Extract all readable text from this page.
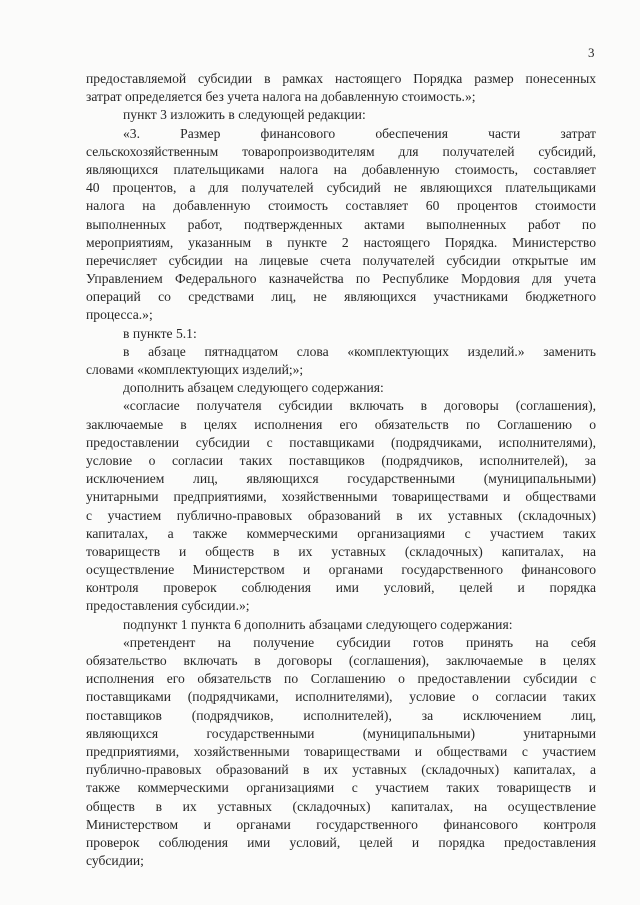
3
предоставляемой субсидии в рамках настоящего Порядка размер понесенных
затрат определяется без учета налога на добавленную стоимость.»;
пункт 3 изложить в следующей редакции:
«3. Размер финансового обеспечения части затрат
сельскохозяйственным товаропроизводителям для получателей субсидий,
являющихся плательщиками налога на добавленную стоимость, составляет
40 процентов, а для получателей субсидий не являющихся плательщиками
налога на добавленную стоимость составляет 60 процентов стоимости
выполненных работ, подтвержденных актами выполненных работ по
мероприятиям, указанным в пункте 2 настоящего Порядка. Министерство
перечисляет субсидии на лицевые счета получателей субсидии открытые им
Управлением Федерального казначейства по Республике Мордовия для учета
операций со средствами лиц, не являющихся участниками бюджетного
процесса.»;
в пункте 5.1:
в абзаце пятнадцатом слова «комплектующих изделий.» заменить
словами «комплектующих изделий;»;
дополнить абзацем следующего содержания:
«согласие получателя субсидии включать в договоры (соглашения),
заключаемые в целях исполнения его обязательств по Соглашению о
предоставлении субсидии с поставщиками (подрядчиками, исполнителями),
условие о согласии таких поставщиков (подрядчиков, исполнителей), за
исключением лиц, являющихся государственными (муниципальными)
унитарными предприятиями, хозяйственными товариществами и обществами
с участием публично-правовых образований в их уставных (складочных)
капиталах, а также коммерческими организациями с участием таких
товариществ и обществ в их уставных (складочных) капиталах, на
осуществление Министерством и органами государственного финансового
контроля проверок соблюдения ими условий, целей и порядка
предоставления субсидии.»;
подпункт 1 пункта 6 дополнить абзацами следующего содержания:
«претендент на получение субсидии готов принять на себя
обязательство включать в договоры (соглашения), заключаемые в целях
исполнения его обязательств по Соглашению о предоставлении субсидии с
поставщиками (подрядчиками, исполнителями), условие о согласии таких
поставщиков (подрядчиков, исполнителей), за исключением лиц,
являющихся государственными (муниципальными) унитарными
предприятиями, хозяйственными товариществами и обществами с участием
публично-правовых образований в их уставных (складочных) капиталах, а
также коммерческими организациями с участием таких товариществ и
обществ в их уставных (складочных) капиталах, на осуществление
Министерством и органами государственного финансового контроля
проверок соблюдения ими условий, целей и порядка предоставления
субсидии;
